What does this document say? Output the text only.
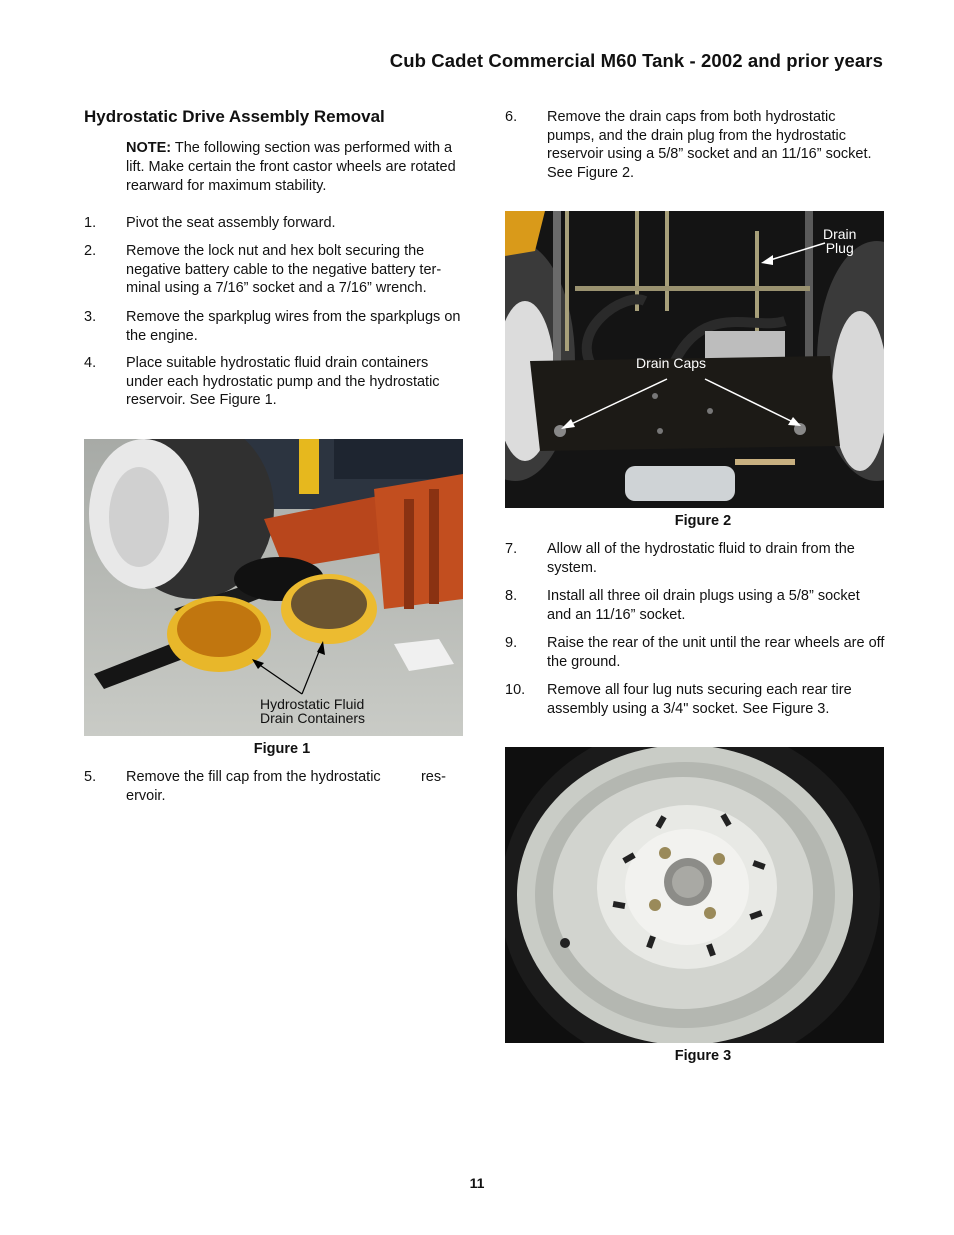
Cub Cadet Commercial M60 Tank - 2002 and prior years
Hydrostatic Drive Assembly Removal
NOTE: The following section was performed with a lift. Make certain the front castor wheels are rotated rearward for maximum stability.
1. Pivot the seat assembly forward.
2. Remove the lock nut and hex bolt securing the negative battery cable to the negative battery ter-minal using a 7/16” socket and a 7/16” wrench.
3. Remove the sparkplug wires from the sparkplugs on the engine.
4. Place suitable hydrostatic fluid drain containers under each hydrostatic pump and the hydrostatic reservoir. See Figure 1.
Hydrostatic Fluid
Drain Containers
Figure 1
5. Remove the fill cap from the hydrostatic          res-ervoir.
6. Remove the drain caps from both hydrostatic pumps, and the drain plug from the hydrostatic reservoir using a 5/8” socket and an 11/16” socket. See Figure 2.
Drain
Plug
Drain Caps
Figure 2
7. Allow all of the hydrostatic fluid to drain from the system.
8. Install all three oil drain plugs using a 5/8” socket and an 11/16” socket.
9. Raise the rear of the unit until the rear wheels are off the ground.
10. Remove all four lug nuts securing each rear tire assembly using a 3/4" socket. See Figure 3.
Figure 3
11
